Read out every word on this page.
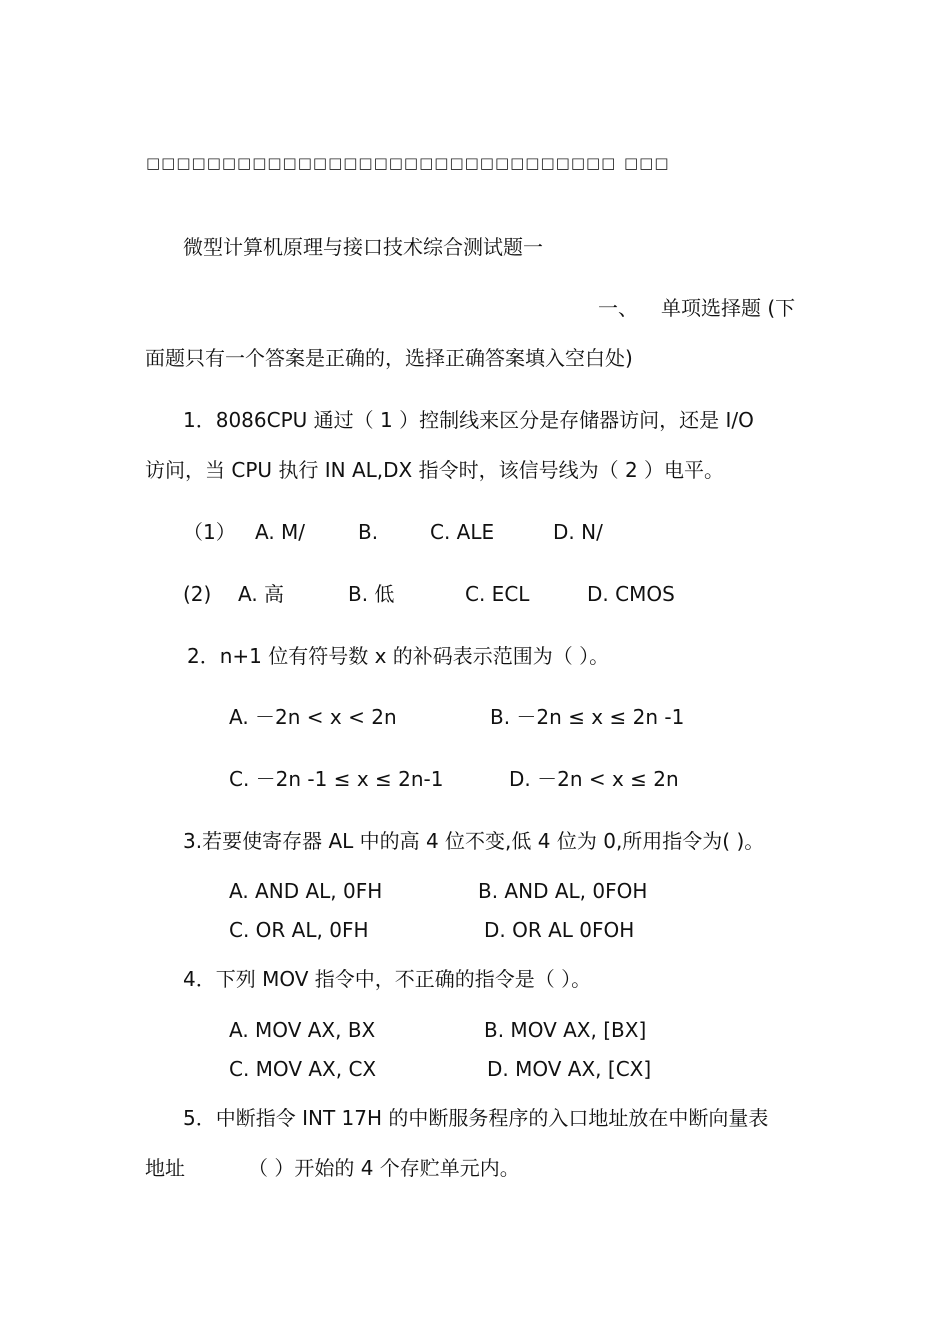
□□□□□□□□□□□□□□□□□□□□□□□□□□□□□□□ □□□
微型计算机原理与接口技术综合测试题一
一、 单项选择题 (下
面题只有一个答案是正确的，选择正确答案填入空白处)
1．8086CPU 通过（ 1 ）控制线来区分是存储器访问，还是 I/O
访问，当 CPU 执行 IN AL,DX 指令时，该信号线为（ 2 ）电平。
（1） A. M/	B.	C. ALE	D. N/
(2) A. 高	B. 低	C. ECL	D. CMOS
2．n+1 位有符号数 x 的补码表示范围为（ ）。
A. －2n < x < 2n	B. －2n ≤ x ≤ 2n -1
C. －2n -1 ≤ x ≤ 2n-1	D. －2n < x ≤ 2n
3.若要使寄存器 AL 中的高 4 位不变,低 4 位为 0,所用指令为( )。
A. AND AL, 0FH	B. AND AL, 0FOH
C. OR AL, 0FH	D. OR AL 0FOH
4．下列 MOV 指令中，不正确的指令是（ ）。
A. MOV AX, BX	B. MOV AX, [BX]
C. MOV AX, CX	D. MOV AX, [CX]
5．中断指令 INT 17H 的中断服务程序的入口地址放在中断向量表
地址	（ ）开始的 4 个存贮单元内。
